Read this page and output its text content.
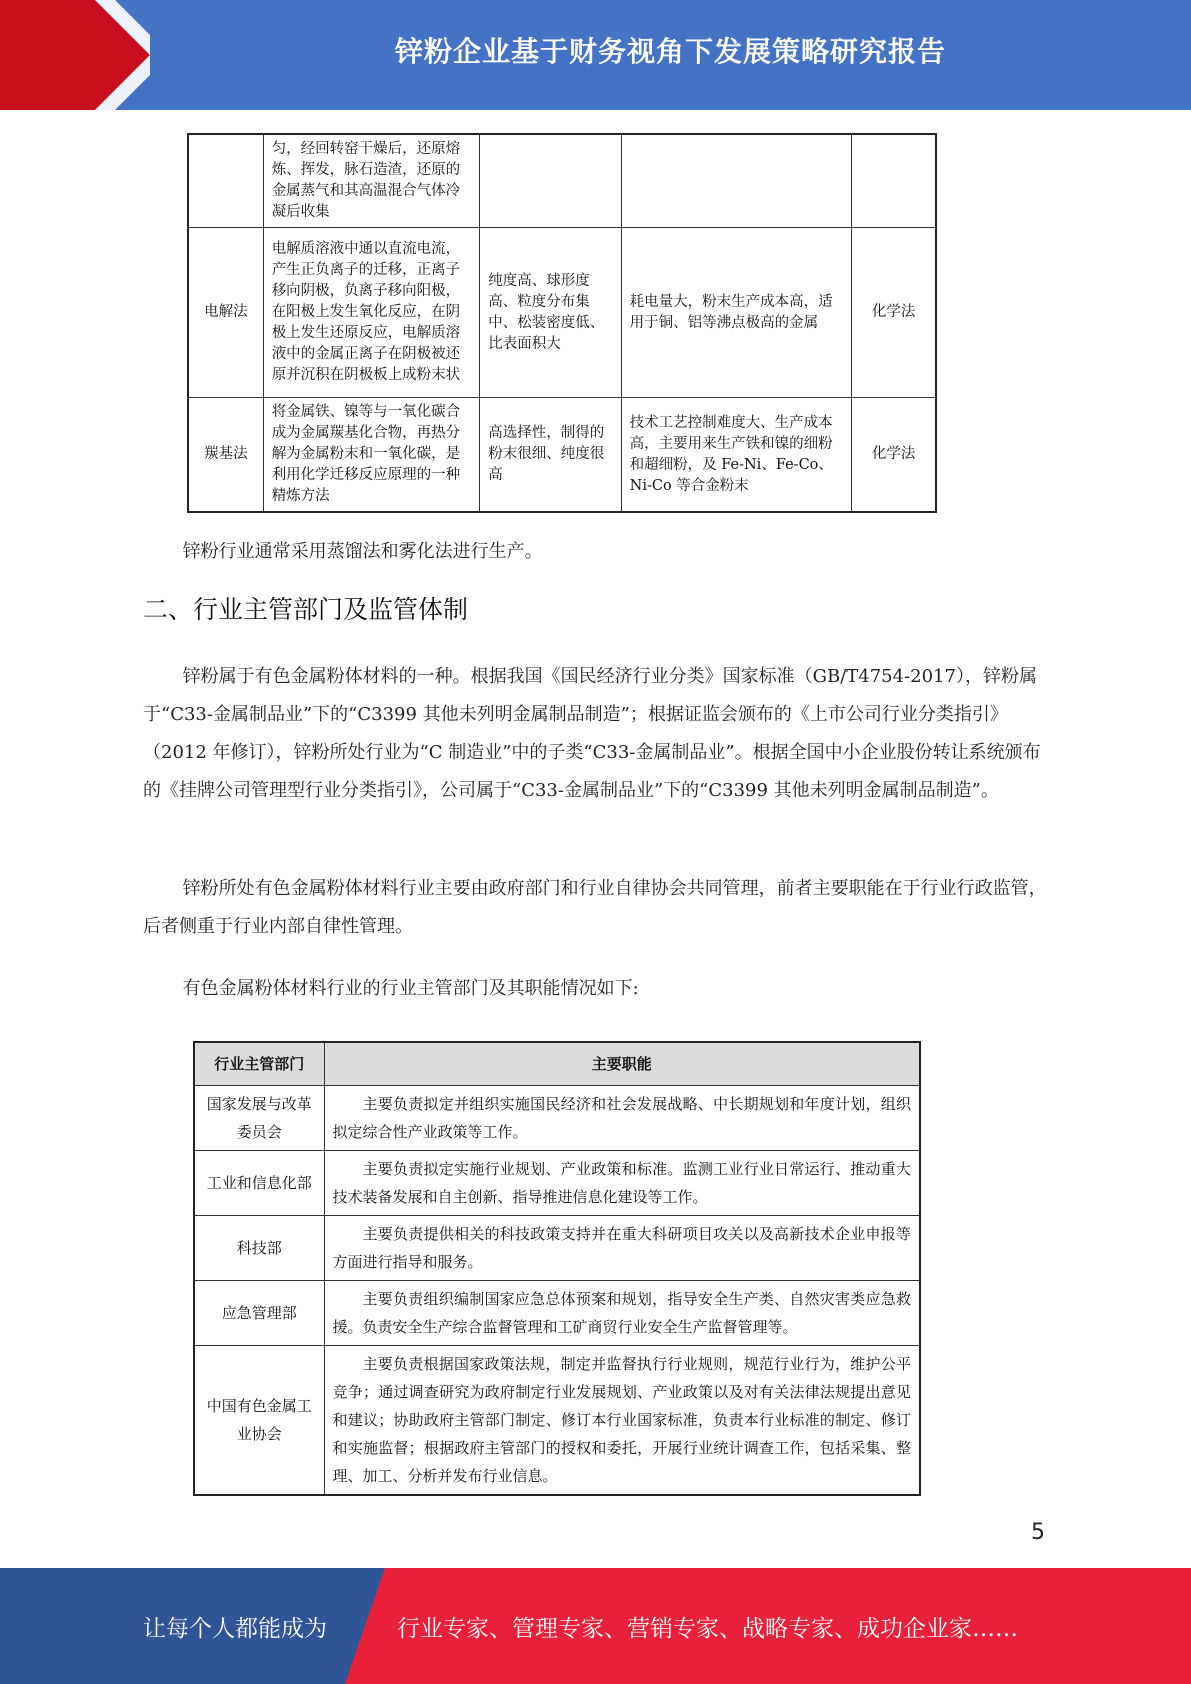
锌粉企业基于财务视角下发展策略研究报告
	匀，经回转窑干燥后，还原熔炼、挥发，脉石造渣，还原的金属蒸气和其高温混合气体冷凝后收集			
电解法	电解质溶液中通以直流电流，产生正负离子的迁移，正离子移向阴极，负离子移向阳极，在阳极上发生氧化反应，在阴极上发生还原反应，电解质溶液中的金属正离子在阴极被还原并沉积在阴极板上成粉末状	纯度高、球形度高、粒度分布集中、松装密度低、比表面积大	耗电量大，粉末生产成本高，适用于铜、铝等沸点极高的金属	化学法
羰基法	将金属铁、镍等与一氧化碳合成为金属羰基化合物，再热分解为金属粉末和一氧化碳，是利用化学迁移反应原理的一种精炼方法	高选择性，制得的粉末很细、纯度很高	技术工艺控制难度大、生产成本高，主要用来生产铁和镍的细粉和超细粉，及 Fe-Ni、Fe-Co、Ni-Co 等合金粉末	化学法
锌粉行业通常采用蒸馏法和雾化法进行生产。
二、行业主管部门及监管体制
锌粉属于有色金属粉体材料的一种。根据我国《国民经济行业分类》国家标准（GB/T4754-2017），锌粉属于“C33-金属制品业”下的“C3399 其他未列明金属制品制造”；根据证监会颁布的《上市公司行业分类指引》（2012 年修订），锌粉所处行业为“C 制造业”中的子类“C33-金属制品业”。根据全国中小企业股份转让系统颁布的《挂牌公司管理型行业分类指引》，公司属于“C33-金属制品业”下的“C3399 其他未列明金属制品制造”。
锌粉所处有色金属粉体材料行业主要由政府部门和行业自律协会共同管理，前者主要职能在于行业行政监管，后者侧重于行业内部自律性管理。
有色金属粉体材料行业的行业主管部门及其职能情况如下:
行业主管部门	主要职能
国家发展与改革委员会	主要负责拟定并组织实施国民经济和社会发展战略、中长期规划和年度计划，组织拟定综合性产业政策等工作。
工业和信息化部	主要负责拟定实施行业规划、产业政策和标准。监测工业行业日常运行、推动重大技术装备发展和自主创新、指导推进信息化建设等工作。
科技部	主要负责提供相关的科技政策支持并在重大科研项目攻关以及高新技术企业申报等方面进行指导和服务。
应急管理部	主要负责组织编制国家应急总体预案和规划，指导安全生产类、自然灾害类应急救援。负责安全生产综合监督管理和工矿商贸行业安全生产监督管理等。
中国有色金属工业协会	主要负责根据国家政策法规，制定并监督执行行业规则，规范行业行为，维护公平竞争；通过调查研究为政府制定行业发展规划、产业政策以及对有关法律法规提出意见和建议；协助政府主管部门制定、修订本行业国家标准，负责本行业标准的制定、修订和实施监督；根据政府主管部门的授权和委托，开展行业统计调查工作，包括采集、整理、加工、分析并发布行业信息。
5
让每个人都能成为	行业专家、管理专家、营销专家、战略专家、成功企业家……
